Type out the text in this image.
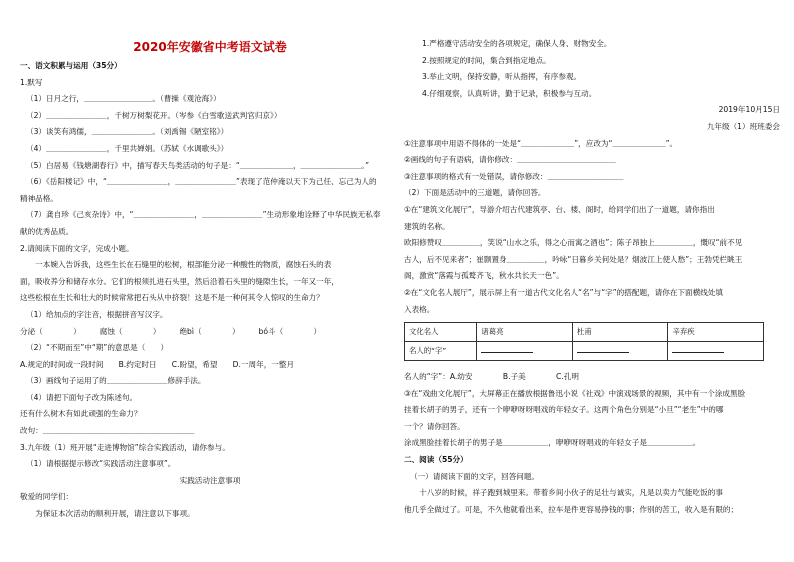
2020年安徽省中考语文试卷
一、语文积累与运用（35分）
1.默写
（1）日月之行，＿＿＿＿＿＿＿＿＿。（曹操《观沧海》）
（2）＿＿＿＿＿＿＿＿，千树万树梨花开。（岑参《白雪歌送武判官归京》）
（3）谈笑有鸿儒，＿＿＿＿＿＿＿＿。（刘禹锡《陋室铭》）
（4）＿＿＿＿＿＿＿＿，千里共婵娟。（苏轼《水调歌头》）
（5）白居易《钱塘湖春行》中，描写春天鸟类活动的句子是：“＿＿＿＿＿＿＿，＿＿＿＿＿＿＿＿。”
（6）《岳阳楼记》中，“＿＿＿＿＿＿＿＿，＿＿＿＿＿＿＿＿”表现了范仲淹以天下为己任、忘己为人的
精神品格。
（7）龚自珍《己亥杂诗》中，“＿＿＿＿＿＿＿＿，＿＿＿＿＿＿＿＿”生动形象地诠释了中华民族无私奉
献的优秀品质。
2.请阅读下面的文字，完成小题。
　　一本婉入告诉我，这些生长在石缝里的松树，根部能分泌一种酸性的物质，腐蚀石头的表
面，吸收养分和储存水分。它们的根须扎进石头里，然后沿着石头里的缝隙生长，一年又一年，
这些松根在生长和壮大的时候常常把石头从中挤裂！这是不是一种何其令人惊叹的生命力？
（1）给加点的字注音，根据拼音写汉字。
分泌（　　　　）　　　腐蚀（　　　　）　　　绝bì（　　　　）　　　bó斗（　　　　）
（2）“不期而至”中“期”的意思是（　　）
A.规定的时间或一段时间　　B.约定时日　　C.盼望，希望　　D.一周年，一整月
（3）画线句子运用了的＿＿＿＿＿＿＿＿修辞手法。
（4）请把下面句子改为陈述句。
还有什么树木有如此顽强的生命力？
改句：＿＿＿＿＿＿＿＿＿＿＿＿＿＿＿＿＿＿＿＿
3.九年级（1）班开展“走进博物馆”综合实践活动，请你参与。
（1）请根据提示修改“实践活动注意事项”。
实践活动注意事项
敬爱的同学们：
　　为保证本次活动的顺利开展，请注意以下事项。
1.严格遵守活动安全的各项规定，确保人身、财物安全。
2.按照规定的时间，集合到指定地点。
3.举止文明，保持安静，听从指挥，有序参观。
4.仔细观察，认真听讲，勤于记录，积极参与互动。
2019年10月15日
九年级（1）班班委会
①注意事项中用语不得体的一处是“＿＿＿＿＿＿＿”，应改为“＿＿＿＿＿＿＿”。
②画线的句子有语病，请你修改：＿＿＿＿＿＿＿＿＿＿＿＿＿
③注意事项的格式有一处错误，请你修改：＿＿＿＿＿＿＿＿＿＿
（2）下面是活动中的三道题，请你回答。
①在“建筑文化展厅”，导游介绍古代建筑亭、台、楼、阁时，给同学们出了一道题，请你指出
建筑的名称。
欧阳修赞叹＿＿＿＿＿，笑说“山水之乐，得之心而寓之酒也”；陈子昂独上＿＿＿＿＿，慨叹“前不见
古人，后不见来者”；崔颢置身＿＿＿＿＿，吟咏“日暮乡关何处是？烟波江上使人愁”；王勃凭栏眺王
阁，激赏“落霞与孤鹜齐飞，秋水共长天一色”。
②在“文化名人展厅”，展示屏上有一道古代文化名人“名”与“字”的搭配题，请你在下面横线处填
入表格。
文化名人	诸葛亮	杜甫	辛弃疾
名人的“字”			
名人的“字”：A.幼安　　　　B.子美　　　　C.孔明
③在“戏曲文化展厅”，大屏幕正在播放根据鲁迅小说《社戏》中演戏场景的视频，其中有一个涂成黑脸
挂着长胡子的男子，还有一个咿咿呀呀唱戏的年轻女子。这两个角色分别是“小旦”“老生”中的哪
一个？请你回答。
涂成黑脸挂着长胡子的男子是＿＿＿＿＿＿，咿咿呀呀唱戏的年轻女子是＿＿＿＿＿＿。
二、阅读（55分）
（一）请阅读下面的文字，回答问题。
　　十八岁的时候，祥子跑到城里来。带着乡间小伙子的足壮与诚实，凡是以卖力气能吃饭的事
他几乎全做过了。可是，不久他就看出来，拉车是件更容易挣钱的事；作别的苦工，收入是有限的；
